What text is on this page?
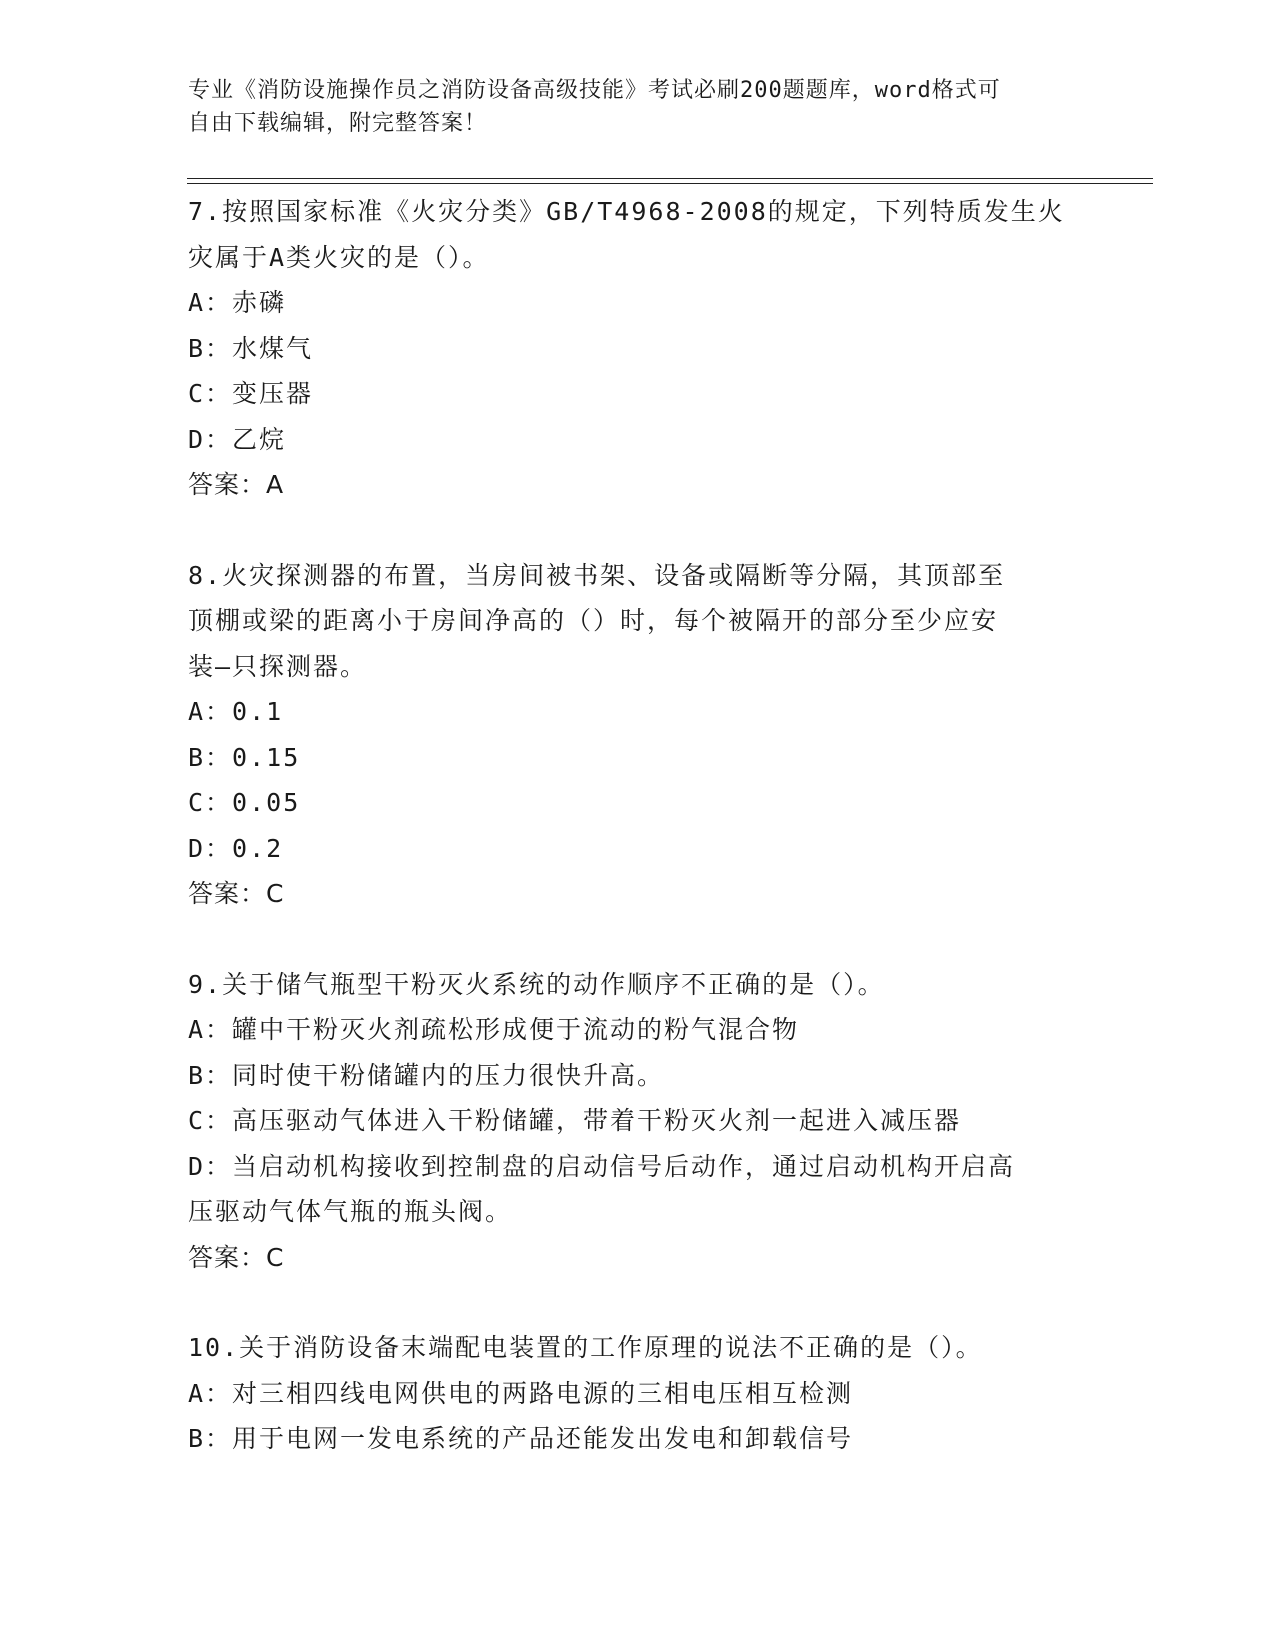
专业《消防设施操作员之消防设备高级技能》考试必刷200题题库，word格式可
自由下载编辑，附完整答案！
7.按照国家标准《火灾分类》GB/T4968-2008的规定，下列特质发生火
灾属于A类火灾的是（）。
A：赤磷
B：水煤气
C：变压器
D：乙烷
答案：A
8.火灾探测器的布置，当房间被书架、设备或隔断等分隔，其顶部至
顶棚或梁的距离小于房间净高的（）时，每个被隔开的部分至少应安
装—只探测器。
A：0.1
B：0.15
C：0.05
D：0.2
答案：C
9.关于储气瓶型干粉灭火系统的动作顺序不正确的是（）。
A：罐中干粉灭火剂疏松形成便于流动的粉气混合物
B：同时使干粉储罐内的压力很快升高。
C：高压驱动气体进入干粉储罐，带着干粉灭火剂一起进入减压器
D：当启动机构接收到控制盘的启动信号后动作，通过启动机构开启高
压驱动气体气瓶的瓶头阀。
答案：C
10.关于消防设备末端配电装置的工作原理的说法不正确的是（）。
A：对三相四线电网供电的两路电源的三相电压相互检测
B：用于电网一发电系统的产品还能发出发电和卸载信号
